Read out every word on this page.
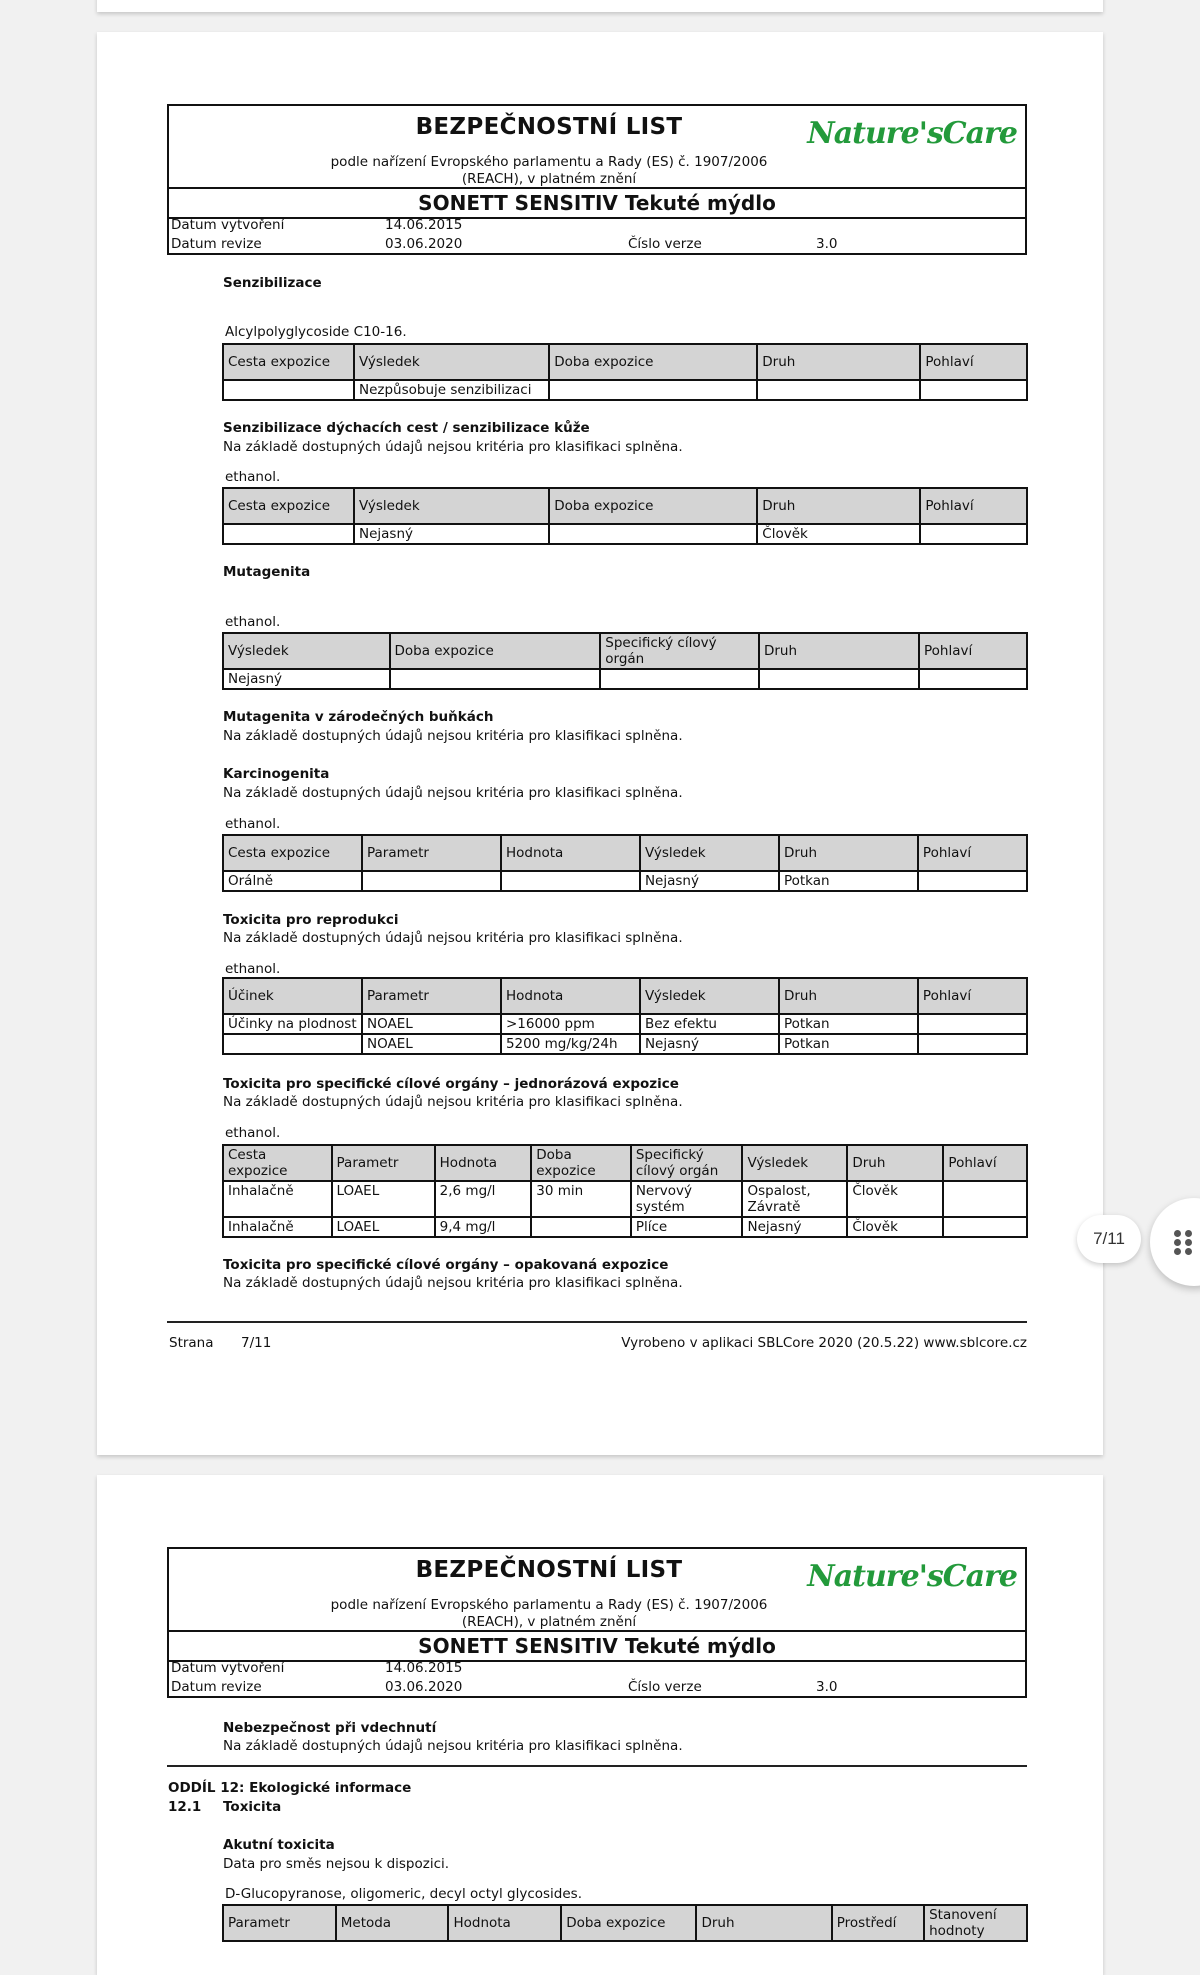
BEZPEČNOSTNÍ LIST
podle nařízení Evropského parlamentu a Rady (ES) č. 1907/2006
(REACH), v platném znění
Nature'sCare
SONETT SENSITIV Tekuté mýdlo
Datum vytvoření	14.06.2015
Datum revize	03.06.2020	Číslo verze	3.0
Senzibilizace
Alcylpolyglycoside C10-16.
Cesta expozice	Výsledek	Doba expozice	Druh	Pohlaví
	Nezpůsobuje senzibilizaci			
Senzibilizace dýchacích cest / senzibilizace kůže
Na základě dostupných údajů nejsou kritéria pro klasifikaci splněna.
ethanol.
Cesta expozice	Výsledek	Doba expozice	Druh	Pohlaví
	Nejasný		Člověk	
Mutagenita
ethanol.
Výsledek	Doba expozice	Specifický cílový orgán	Druh	Pohlaví
Nejasný				
Mutagenita v zárodečných buňkách
Na základě dostupných údajů nejsou kritéria pro klasifikaci splněna.
Karcinogenita
Na základě dostupných údajů nejsou kritéria pro klasifikaci splněna.
ethanol.
Cesta expozice	Parametr	Hodnota	Výsledek	Druh	Pohlaví
Orálně			Nejasný	Potkan	
Toxicita pro reprodukci
Na základě dostupných údajů nejsou kritéria pro klasifikaci splněna.
ethanol.
Účinek	Parametr	Hodnota	Výsledek	Druh	Pohlaví
Účinky na plodnost	NOAEL	>16000 ppm	Bez efektu	Potkan	
	NOAEL	5200 mg/kg/24h	Nejasný	Potkan	
Toxicita pro specifické cílové orgány – jednorázová expozice
Na základě dostupných údajů nejsou kritéria pro klasifikaci splněna.
ethanol.
Cesta expozice	Parametr	Hodnota	Doba expozice	Specifický cílový orgán	Výsledek	Druh	Pohlaví
Inhalačně	LOAEL	2,6 mg/l	30 min	Nervový systém	Ospalost, Závratě	Člověk	
Inhalačně	LOAEL	9,4 mg/l		Plíce	Nejasný	Člověk	
Toxicita pro specifické cílové orgány – opakovaná expozice
Na základě dostupných údajů nejsou kritéria pro klasifikaci splněna.
Strana 7/11	Vyrobeno v aplikaci SBLCore 2020 (20.5.22) www.sblcore.cz
BEZPEČNOSTNÍ LIST
podle nařízení Evropského parlamentu a Rady (ES) č. 1907/2006
(REACH), v platném znění
Nature'sCare
SONETT SENSITIV Tekuté mýdlo
Datum vytvoření	14.06.2015
Datum revize	03.06.2020	Číslo verze	3.0
Nebezpečnost při vdechnutí
Na základě dostupných údajů nejsou kritéria pro klasifikaci splněna.
ODDÍL 12: Ekologické informace
12.1 Toxicita
Akutní toxicita
Data pro směs nejsou k dispozici.
D-Glucopyranose, oligomeric, decyl octyl glycosides.
Parametr	Metoda	Hodnota	Doba expozice	Druh	Prostředí	Stanovení hodnoty
7/11
